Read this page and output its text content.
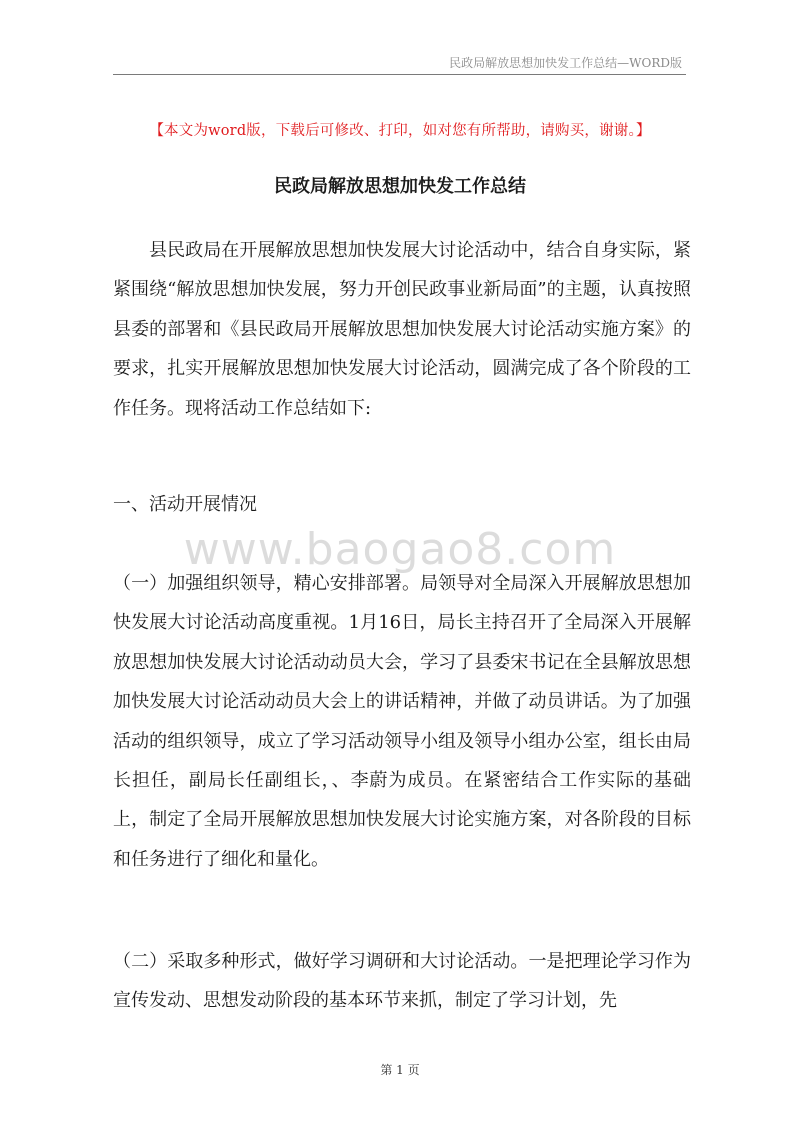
民政局解放思想加快发工作总结—WORD版
【本文为word版，下载后可修改、打印，如对您有所帮助，请购买，谢谢。】
民政局解放思想加快发工作总结

县民政局在开展解放思想加快发展大讨论活动中，结合自身实际，紧紧围绕“解放思想加快发展，努力开创民政事业新局面”的主题，认真按照县委的部署和《县民政局开展解放思想加快发展大讨论活动实施方案》的要求，扎实开展解放思想加快发展大讨论活动，圆满完成了各个阶段的工作任务。现将活动工作总结如下:

一、活动开展情况

www.baogao8.com

（一）加强组织领导，精心安排部署。局领导对全局深入开展解放思想加快发展大讨论活动高度重视。1月16日，局长主持召开了全局深入开展解放思想加快发展大讨论活动动员大会，学习了县委宋书记在全县解放思想加快发展大讨论活动动员大会上的讲话精神，并做了动员讲话。为了加强活动的组织领导，成立了学习活动领导小组及领导小组办公室，组长由局长担任，副局长任副组长，、李蔚为成员。在紧密结合工作实际的基础上，制定了全局开展解放思想加快发展大讨论实施方案，对各阶段的目标和任务进行了细化和量化。

（二）采取多种形式，做好学习调研和大讨论活动。一是把理论学习作为宣传发动、思想发动阶段的基本环节来抓，制定了学习计划，先

第 1 页
